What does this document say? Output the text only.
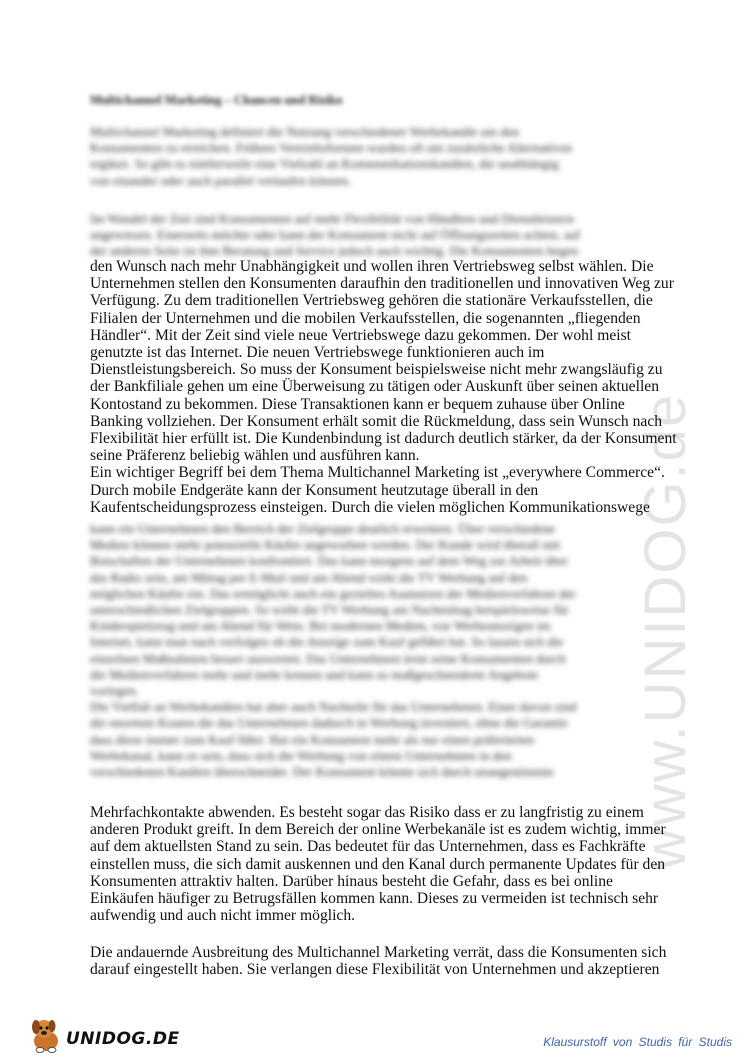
www.UNIDOG.de
Multichannel Marketing – Chancen und Risiko
Multichannel Marketing definiert die Nutzung verschiedener Werbekanäle um den
Konsumenten zu erreichen. Frühere Vertriebsformen wurden oft um zusätzliche Alternativen
ergänzt. So gibt es mittlerweile eine Vielzahl an Kommunikationskanälen, die unabhängig
von einander oder auch parallel verlaufen können.
Im Wandel der Zeit sind Konsumenten auf mehr Flexibilität von Händlern und Dienstleistern
angewiesen. Einerseits möchte oder kann der Konsument nicht auf Öffnungszeiten achten, auf
der anderen Seite ist ihm Beratung und Service jedoch auch wichtig. Die Konsumenten hegen
den Wunsch nach mehr Unabhängigkeit und wollen ihren Vertriebsweg selbst wählen. Die
Unternehmen stellen den Konsumenten daraufhin den traditionellen und innovativen Weg zur
Verfügung. Zu dem traditionellen Vertriebsweg gehören die stationäre Verkaufsstellen, die
Filialen der Unternehmen und die mobilen Verkaufsstellen, die sogenannten „fliegenden
Händler“. Mit der Zeit sind viele neue Vertriebswege dazu gekommen. Der wohl meist
genutzte ist das Internet. Die neuen Vertriebswege funktionieren auch im
Dienstleistungsbereich. So muss der Konsument beispielsweise nicht mehr zwangsläufig zu
der Bankfiliale gehen um eine Überweisung zu tätigen oder Auskunft über seinen aktuellen
Kontostand zu bekommen. Diese Transaktionen kann er bequem zuhause über Online
Banking vollziehen. Der Konsument erhält somit die Rückmeldung, dass sein Wunsch nach
Flexibilität hier erfüllt ist. Die Kundenbindung ist dadurch deutlich stärker, da der Konsument
seine Präferenz beliebig wählen und ausführen kann.
Ein wichtiger Begriff bei dem Thema Multichannel Marketing ist „everywhere Commerce“.
Durch mobile Endgeräte kann der Konsument heutzutage überall in den
Kaufentscheidungsprozess einsteigen. Durch die vielen möglichen Kommunikationswege
kann ein Unternehmen den Bereich der Zielgruppe deutlich erweitern. Über verschiedene
Medien können mehr potenzielle Käufer angeworben werden. Der Kunde wird überall mit
Botschaften der Unternehmen konfrontiert. Das kann morgens auf dem Weg zur Arbeit über
das Radio sein, am Mittag per E-Mail und am Abend wirkt die TV Werbung auf den
möglichen Käufer ein. Das ermöglicht auch ein gezieltes Ausnutzen der Medienverfahren der
unterschiedlichen Zielgruppen. So wirbt die TV Werbung am Nachmittag beispielsweise für
Kinderspielzeug und am Abend für Wein. Bei modernen Medien, wie Werbeanzeigen im
Internet, kann man nach verfolgen ob die Anzeige zum Kauf geführt hat. So lassen sich die
einzelnen Maßnahmen besser auswerten. Das Unternehmen lernt seine Konsumenten durch
die Medienverfahren mehr und mehr kennen und kann so maßgeschneiderte Angebote
vorlegen.
Die Vielfalt an Werbekanälen hat aber auch Nachteile für das Unternehmen. Einer davon sind
die enormen Kosten die das Unternehmen dadurch in Werbung investiert, ohne die Garantie
dass diese immer zum Kauf führt. Hat ein Konsument mehr als nur einen präferierten
Werbekanal, kann es sein, dass sich die Werbung von einem Unternehmen in den
verschiedenen Kanälen überschneidet. Der Konsument könnte sich durch unangestimmte
Mehrfachkontakte abwenden. Es besteht sogar das Risiko dass er zu langfristig zu einem
anderen Produkt greift. In dem Bereich der online Werbekanäle ist es zudem wichtig, immer
auf dem aktuellsten Stand zu sein. Das bedeutet für das Unternehmen, dass es Fachkräfte
einstellen muss, die sich damit auskennen und den Kanal durch permanente Updates für den
Konsumenten attraktiv halten. Darüber hinaus besteht die Gefahr, dass es bei online
Einkäufen häufiger zu Betrugsfällen kommen kann. Dieses zu vermeiden ist technisch sehr
aufwendig und auch nicht immer möglich.
Die andauernde Ausbreitung des Multichannel Marketing verrät, dass die Konsumenten sich
darauf eingestellt haben. Sie verlangen diese Flexibilität von Unternehmen und akzeptieren
UNIDOG.DE	Klausurstoff von Studis für Studis
